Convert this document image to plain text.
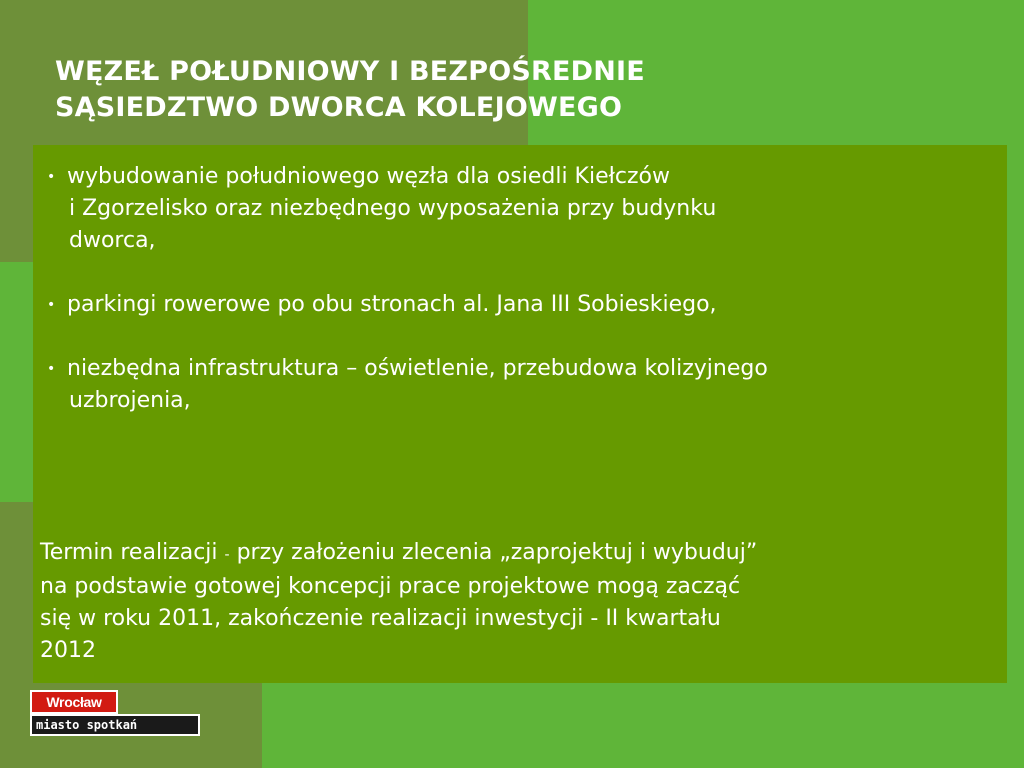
WĘZEŁ POŁUDNIOWY I BEZPOŚREDNIE
SĄSIEDZTWO DWORCA KOLEJOWEGO
• wybudowanie południowego węzła dla osiedli Kiełczów
i Zgorzelisko oraz niezbędnego wyposażenia przy budynku
dworca,
• parkingi rowerowe po obu stronach al. Jana III Sobieskiego,
• niezbędna infrastruktura – oświetlenie, przebudowa kolizyjnego
uzbrojenia,
Termin realizacji - przy założeniu zlecenia „zaprojektuj i wybuduj”
na podstawie gotowej koncepcji prace projektowe mogą zacząć
się w roku 2011, zakończenie realizacji inwestycji - II kwartału
2012
Wrocław
miasto spotkań
